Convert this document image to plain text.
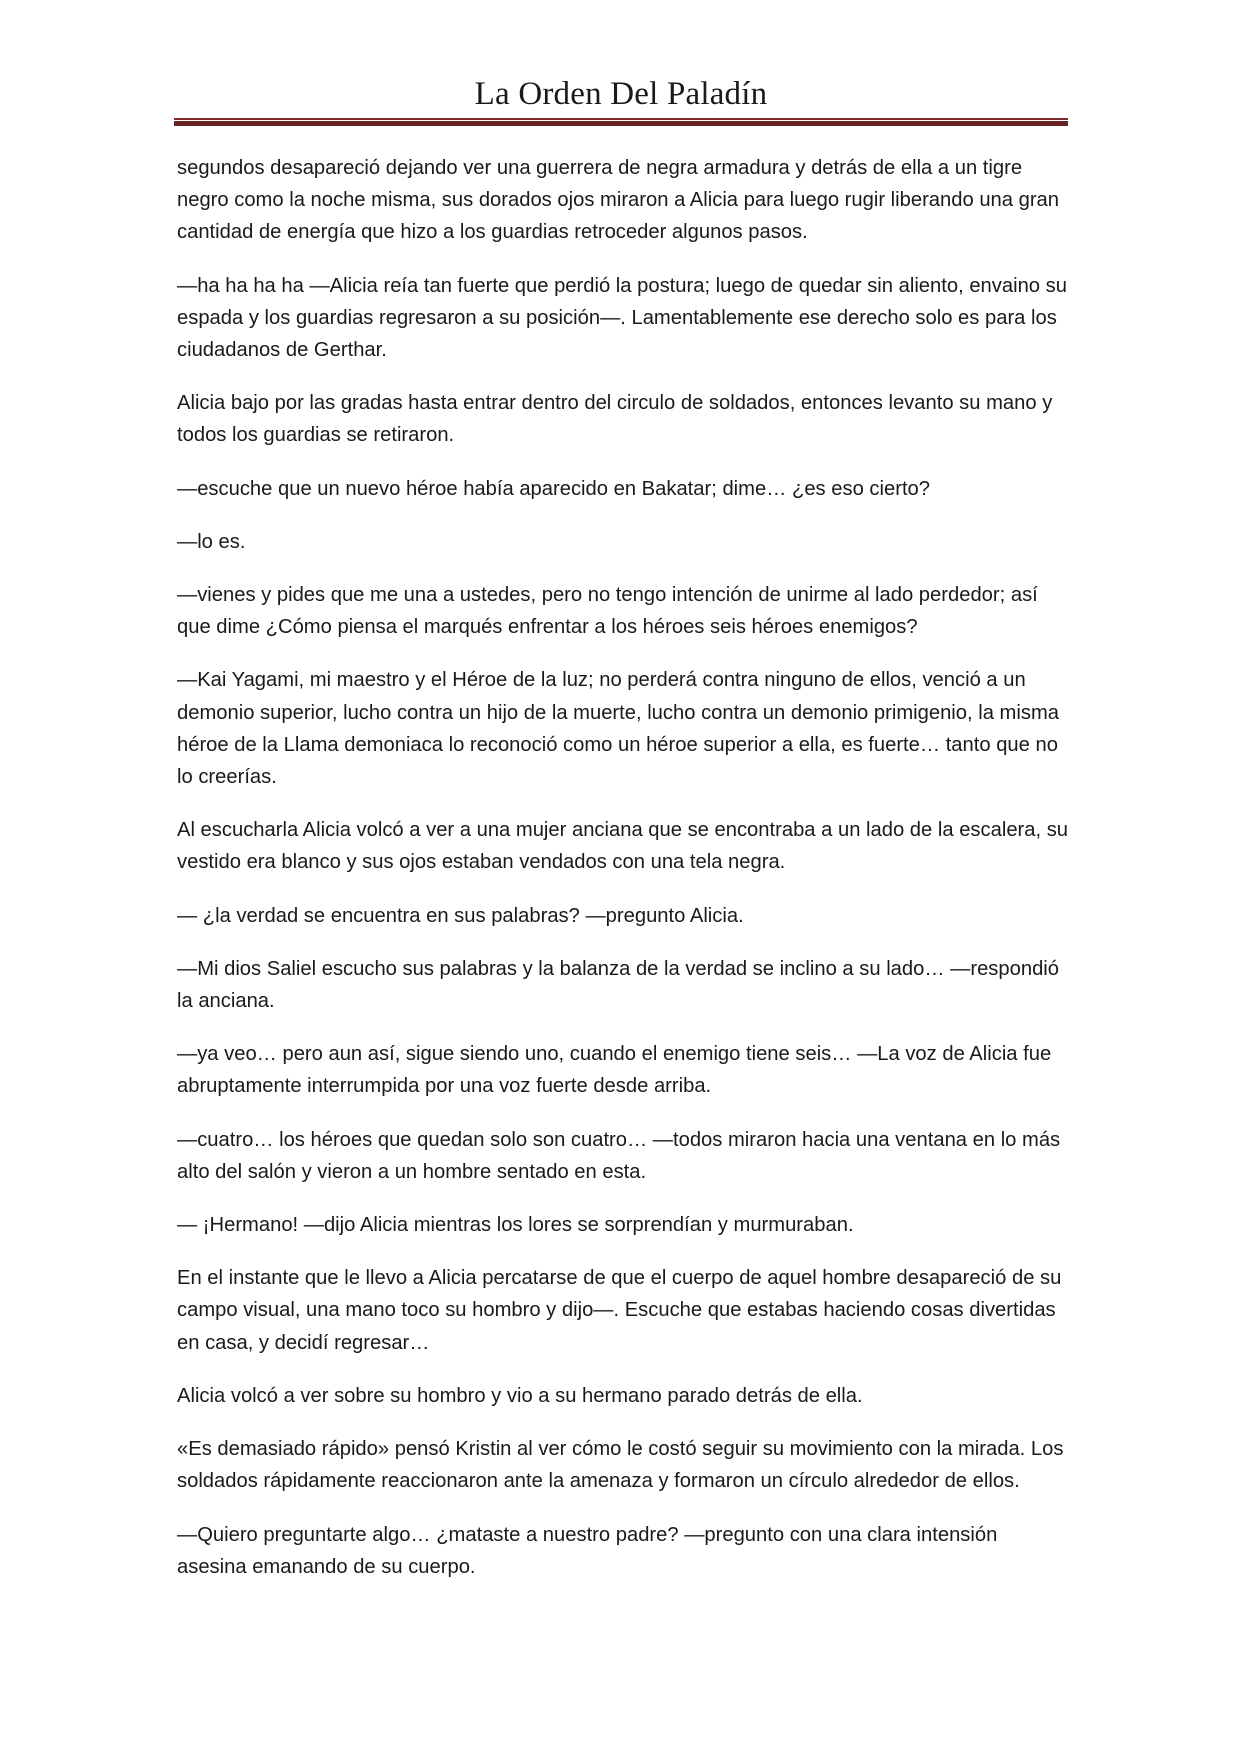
La Orden Del Paladín

segundos desapareció dejando ver una guerrera de negra armadura y detrás de ella a un tigre negro como la noche misma, sus dorados ojos miraron a Alicia para luego rugir liberando una gran cantidad de energía que hizo a los guardias retroceder algunos pasos.

—ha ha ha ha —Alicia reía tan fuerte que perdió la postura; luego de quedar sin aliento, envaino su espada y los guardias regresaron a su posición—. Lamentablemente ese derecho solo es para los ciudadanos de Gerthar.

Alicia bajo por las gradas hasta entrar dentro del circulo de soldados, entonces levanto su mano y todos los guardias se retiraron.

—escuche que un nuevo héroe había aparecido en Bakatar; dime… ¿es eso cierto?

—lo es.

—vienes y pides que me una a ustedes, pero no tengo intención de unirme al lado perdedor; así que dime ¿Cómo piensa el marqués enfrentar a los héroes seis héroes enemigos?

—Kai Yagami, mi maestro y el Héroe de la luz; no perderá contra ninguno de ellos, venció a un demonio superior, lucho contra un hijo de la muerte, lucho contra un demonio primigenio, la misma héroe de la Llama demoniaca lo reconoció como un héroe superior a ella, es fuerte… tanto que no lo creerías.

Al escucharla Alicia volcó a ver a una mujer anciana que se encontraba a un lado de la escalera, su vestido era blanco y sus ojos estaban vendados con una tela negra.

— ¿la verdad se encuentra en sus palabras? —pregunto Alicia.

—Mi dios Saliel escucho sus palabras y la balanza de la verdad se inclino a su lado… —respondió la anciana.

—ya veo… pero aun así, sigue siendo uno, cuando el enemigo tiene seis… —La voz de Alicia fue abruptamente interrumpida por una voz fuerte desde arriba.

—cuatro… los héroes que quedan solo son cuatro… —todos miraron hacia una ventana en lo más alto del salón y vieron a un hombre sentado en esta.

— ¡Hermano! —dijo Alicia mientras los lores se sorprendían y murmuraban.

En el instante que le llevo a Alicia percatarse de que el cuerpo de aquel hombre desapareció de su campo visual, una mano toco su hombro y dijo—. Escuche que estabas haciendo cosas divertidas en casa, y decidí regresar…

Alicia volcó a ver sobre su hombro y vio a su hermano parado detrás de ella.

«Es demasiado rápido» pensó Kristin al ver cómo le costó seguir su movimiento con la mirada. Los soldados rápidamente reaccionaron ante la amenaza y formaron un círculo alrededor de ellos.

—Quiero preguntarte algo… ¿mataste a nuestro padre? —pregunto con una clara intensión asesina emanando de su cuerpo.
